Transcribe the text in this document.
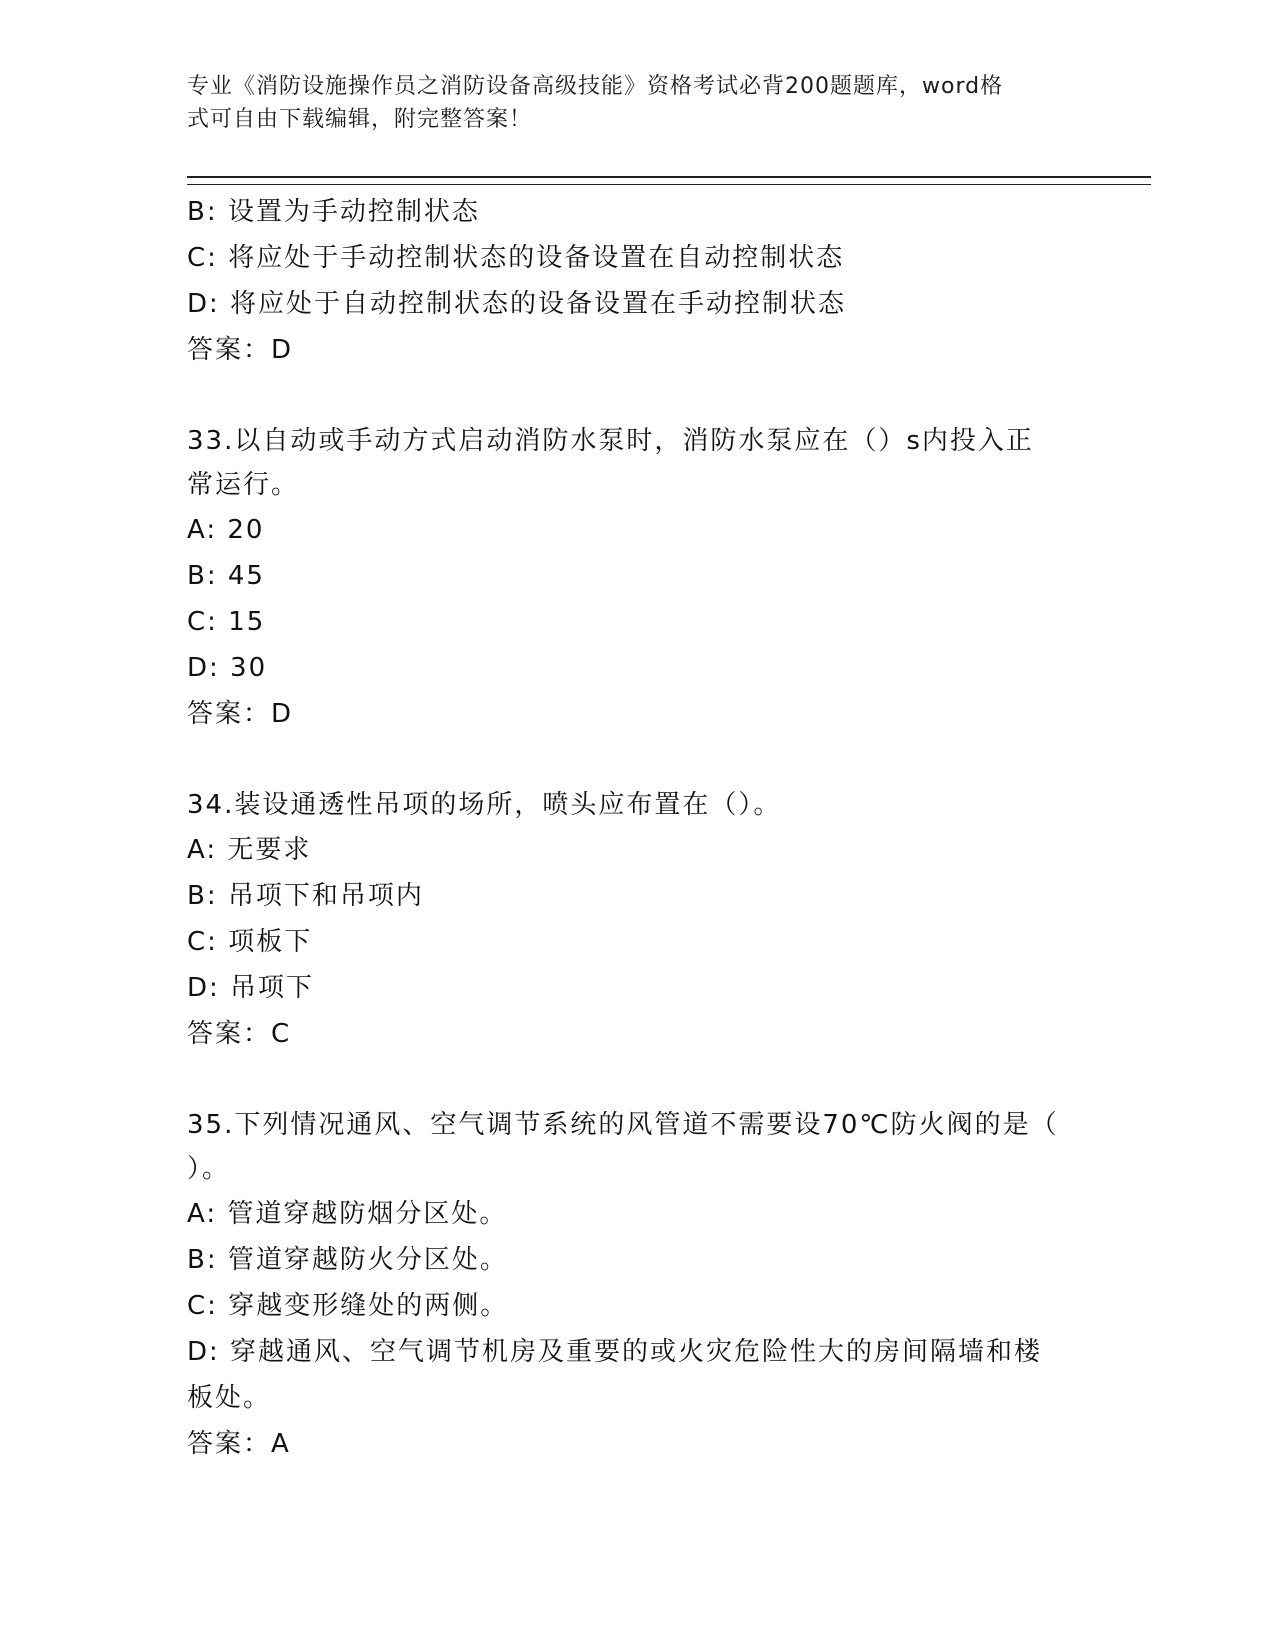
专业《消防设施操作员之消防设备高级技能》资格考试必背200题题库，word格
式可自由下载编辑，附完整答案！
B: 设置为手动控制状态
C: 将应处于手动控制状态的设备设置在自动控制状态
D: 将应处于自动控制状态的设备设置在手动控制状态
答案：D
33.以自动或手动方式启动消防水泵时，消防水泵应在（）s内投入正
常运行。
A: 20
B: 45
C: 15
D: 30
答案：D
34.装设通透性吊项的场所，喷头应布置在（）。
A: 无要求
B: 吊项下和吊项内
C: 项板下
D: 吊项下
答案：C
35.下列情况通风、空气调节系统的风管道不需要设70℃防火阀的是（
）。
A: 管道穿越防烟分区处。
B: 管道穿越防火分区处。
C: 穿越变形缝处的两侧。
D: 穿越通风、空气调节机房及重要的或火灾危险性大的房间隔墙和楼
板处。
答案：A
